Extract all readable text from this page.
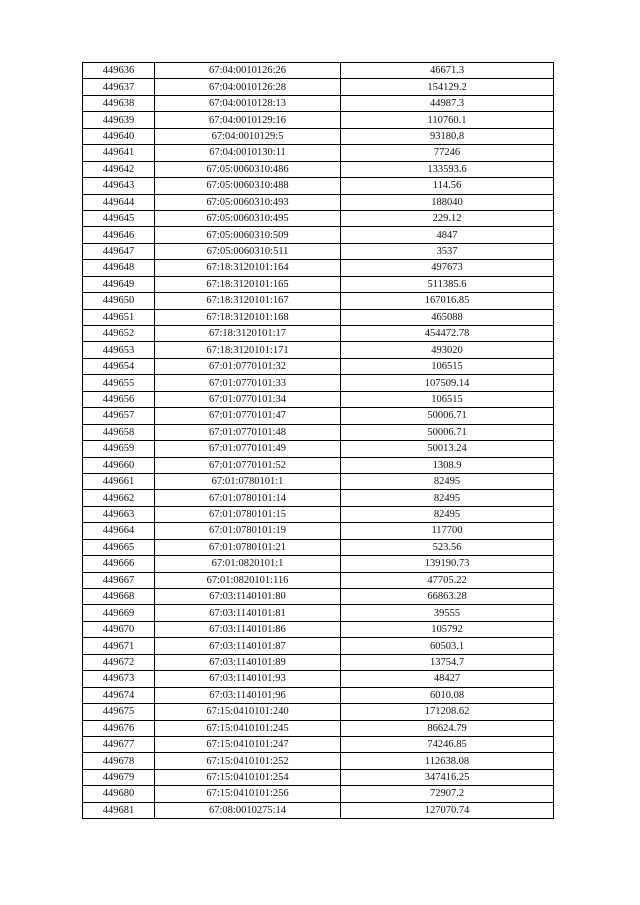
449636	67:04:0010126:26	46671.3
449637	67:04:0010126:28	154129.2
449638	67:04:0010128:13	44987.3
449639	67:04:0010129:16	110760.1
449640	67:04:0010129:5	93180.8
449641	67:04:0010130:11	77246
449642	67:05:0060310:486	133593.6
449643	67:05:0060310:488	114.56
449644	67:05:0060310:493	188040
449645	67:05:0060310:495	229.12
449646	67:05:0060310:509	4847
449647	67:05:0060310:511	3537
449648	67:18:3120101:164	497673
449649	67:18:3120101:165	511385.6
449650	67:18:3120101:167	167016.85
449651	67:18:3120101:168	465088
449652	67:18:3120101:17	454472.78
449653	67:18:3120101:171	493020
449654	67:01:0770101:32	106515
449655	67:01:0770101:33	107509.14
449656	67:01:0770101:34	106515
449657	67:01:0770101:47	50006.71
449658	67:01:0770101:48	50006.71
449659	67:01:0770101:49	50013.24
449660	67:01:0770101:52	1308.9
449661	67:01:0780101:1	82495
449662	67:01:0780101:14	82495
449663	67:01:0780101:15	82495
449664	67:01:0780101:19	117700
449665	67:01:0780101:21	523.56
449666	67:01:0820101:1	139190.73
449667	67:01:0820101:116	47705.22
449668	67:03:1140101:80	66863.28
449669	67:03:1140101:81	39555
449670	67:03:1140101:86	105792
449671	67:03:1140101:87	60503.1
449672	67:03:1140101:89	13754.7
449673	67:03:1140101:93	48427
449674	67:03:1140101:96	6010.08
449675	67:15:0410101:240	171208.62
449676	67:15:0410101:245	86624.79
449677	67:15:0410101:247	74246.85
449678	67:15:0410101:252	112638.08
449679	67:15:0410101:254	347416.25
449680	67:15:0410101:256	72907.2
449681	67:08:0010275:14	127070.74
